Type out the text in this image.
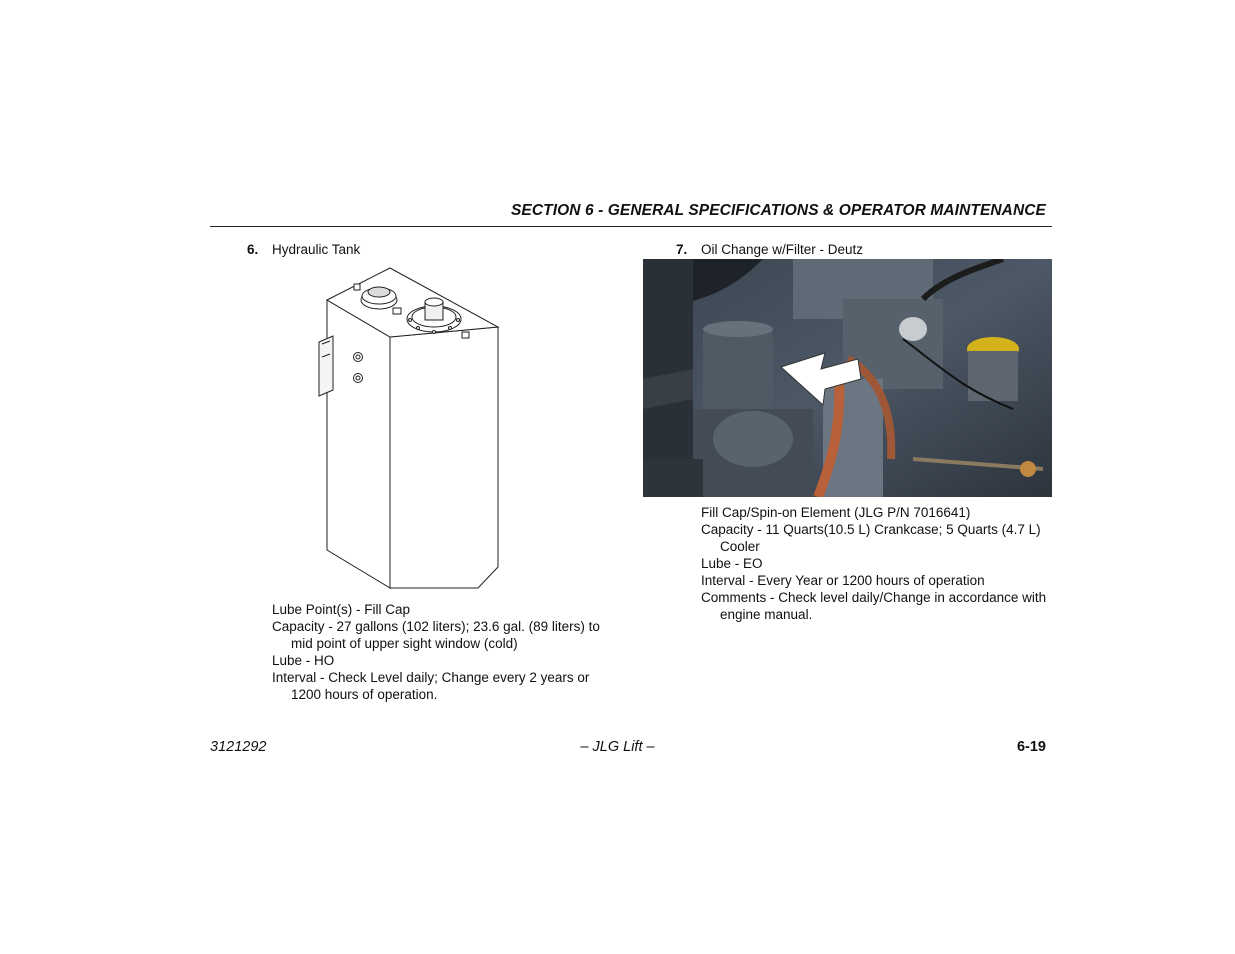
SECTION 6 - GENERAL SPECIFICATIONS & OPERATOR MAINTENANCE
6. Hydraulic Tank
Lube Point(s) - Fill Cap
Capacity - 27 gallons (102 liters); 23.6 gal. (89 liters) to mid point of upper sight window (cold)
Lube - HO
Interval - Check Level daily; Change every 2 years or 1200 hours of operation.
7. Oil Change w/Filter - Deutz
Fill Cap/Spin-on Element (JLG P/N 7016641)
Capacity - 11 Quarts(10.5 L) Crankcase; 5 Quarts (4.7 L) Cooler
Lube - EO
Interval - Every Year or 1200 hours of operation
Comments - Check level daily/Change in accordance with engine manual.
– JLG Lift –
3121292	6-19
